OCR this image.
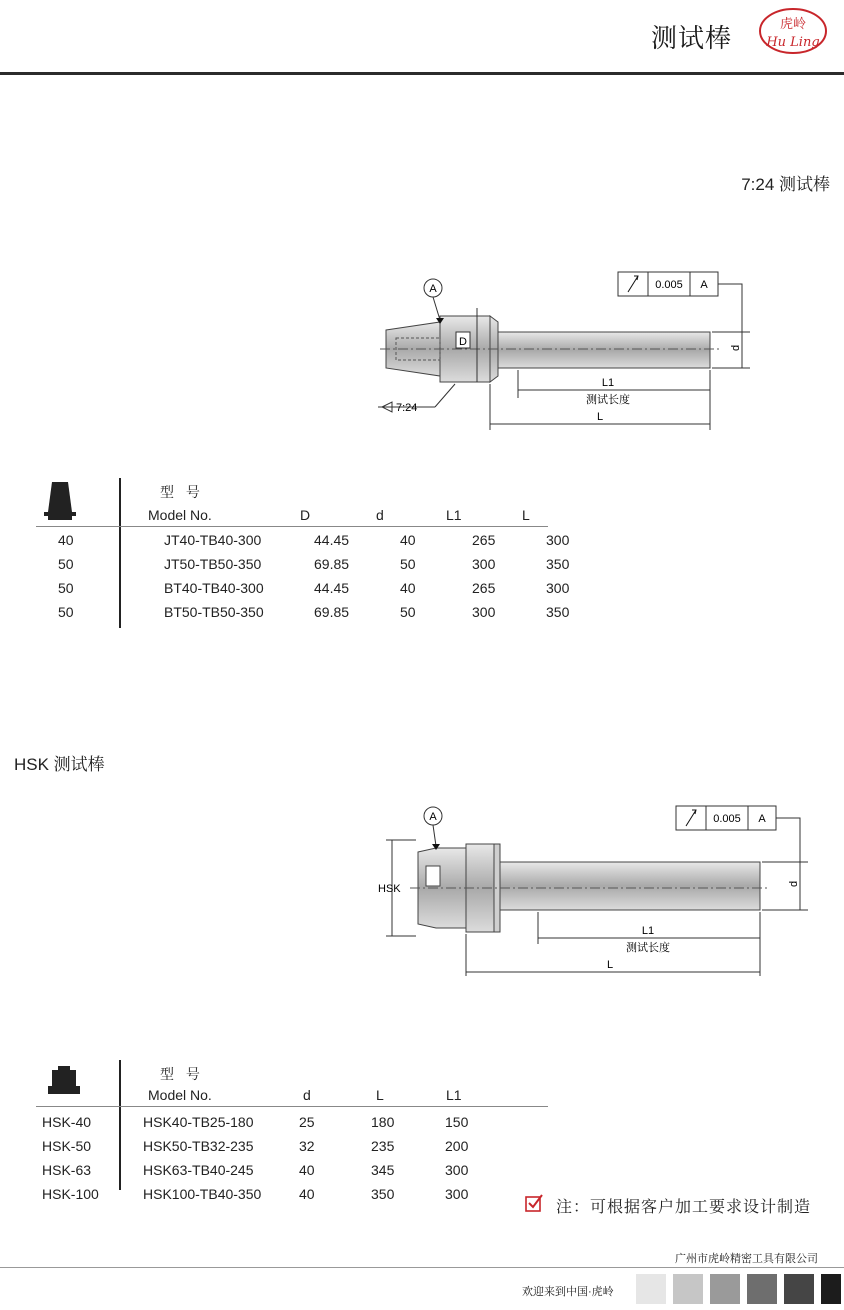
测试棒	虎岭
Hu Ling
7:24 测试棒
A
D
0.005 A
d
L1
测试长度
L
7:24
型 号
Model No.	D	d	L1	L
40	JT40-TB40-300	44.45	40	265	300
50	JT50-TB50-350	69.85	50	300	350
50	BT40-TB40-300	44.45	40	265	300
50	BT50-TB50-350	69.85	50	300	350
HSK 测试棒
A
HSK
0.005 A
d
L1
测试长度
L
型 号
Model No.	d	L	L1
HSK-40	HSK40-TB25-180	25	180	150
HSK-50	HSK50-TB32-235	32	235	200
HSK-63	HSK63-TB40-245	40	345	300
HSK-100	HSK100-TB40-350	40	350	300
注：可根据客户加工要求设计制造
广州市虎岭精密工具有限公司
欢迎来到中国·虎岭
